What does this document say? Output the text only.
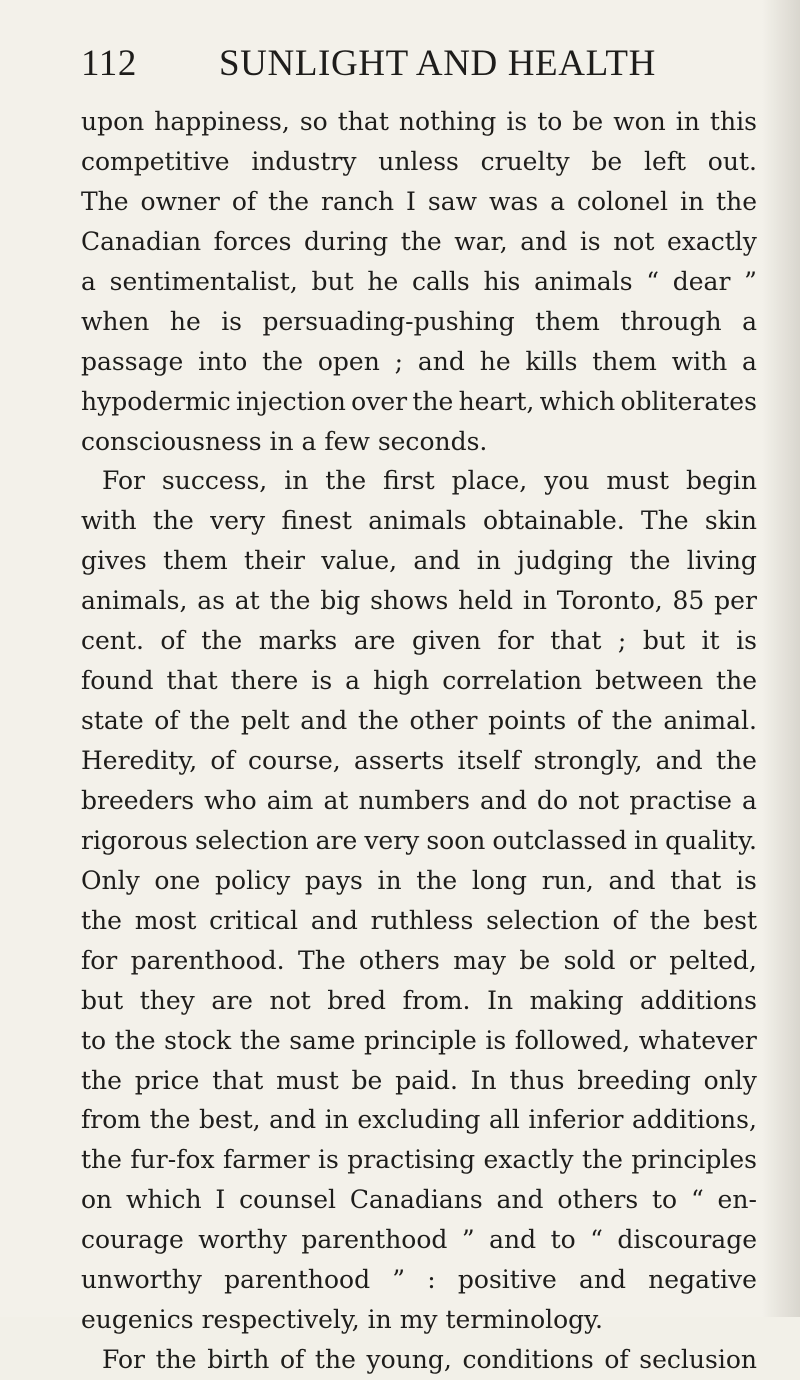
112 SUNLIGHT AND HEALTH
upon happiness, so that nothing is to be won in this
competitive industry unless cruelty be left out.
The owner of the ranch I saw was a colonel in the
Canadian forces during the war, and is not exactly
a sentimentalist, but he calls his animals “ dear ”
when he is persuading-pushing them through a
passage into the open ; and he kills them with a
hypodermic injection over the heart, which obliterates
consciousness
in
a
few
seconds.
For success, in the first place, you must begin
with the very finest animals obtainable. The skin
gives them their value, and in judging the living
animals, as at the big shows held in Toronto, 85 per
cent. of the marks are given for that ; but it is
found that there is a high correlation between the
state of the pelt and the other points of the animal.
Heredity, of course, asserts itself strongly, and the
breeders who aim at numbers and do not practise a
rigorous selection are very soon outclassed in quality.
Only one policy pays in the long run, and that is
the most critical and ruthless selection of the best
for parenthood. The others may be sold or pelted,
but they are not bred from. In making additions
to the stock the same principle is followed, whatever
the price that must be paid. In thus breeding only
from the best, and in excluding all inferior additions,
the fur-fox farmer is practising exactly the principles
on which I counsel Canadians and others to “ en-
courage worthy parenthood ” and to “ discourage
unworthy parenthood ” : positive and negative
eugenics
respectively,
in
my
terminology.
For the birth of the young, conditions of seclusion
